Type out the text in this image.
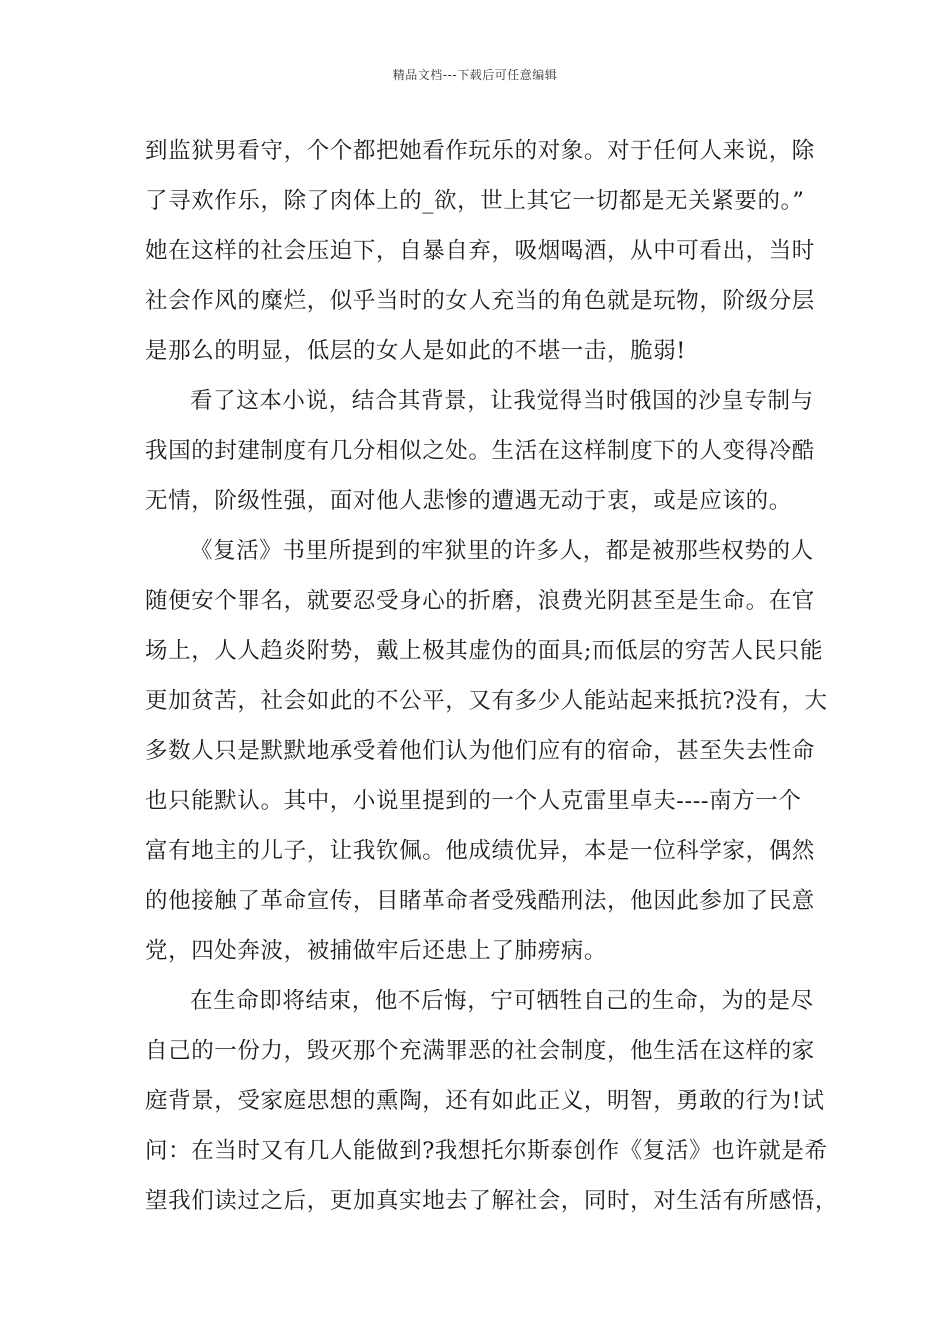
精品文档---下载后可任意编辑
到监狱男看守，个个都把她看作玩乐的对象。对于任何人来说，除
了寻欢作乐，除了肉体上的_欲，世上其它一切都是无关紧要的。”
她在这样的社会压迫下，自暴自弃，吸烟喝酒，从中可看出，当时
社会作风的糜烂，似乎当时的女人充当的角色就是玩物，阶级分层
是那么的明显，低层的女人是如此的不堪一击，脆弱!
看了这本小说，结合其背景，让我觉得当时俄国的沙皇专制与
我国的封建制度有几分相似之处。生活在这样制度下的人变得冷酷
无情，阶级性强，面对他人悲惨的遭遇无动于衷，或是应该的。
《复活》书里所提到的牢狱里的许多人，都是被那些权势的人
随便安个罪名，就要忍受身心的折磨，浪费光阴甚至是生命。在官
场上，人人趋炎附势，戴上极其虚伪的面具;而低层的穷苦人民只能
更加贫苦，社会如此的不公平，又有多少人能站起来抵抗?没有，大
多数人只是默默地承受着他们认为他们应有的宿命，甚至失去性命
也只能默认。其中，小说里提到的一个人克雷里卓夫----南方一个
富有地主的儿子，让我钦佩。他成绩优异，本是一位科学家，偶然
的他接触了革命宣传，目睹革命者受残酷刑法，他因此参加了民意
党，四处奔波，被捕做牢后还患上了肺痨病。
在生命即将结束，他不后悔，宁可牺牲自己的生命，为的是尽
自己的一份力，毁灭那个充满罪恶的社会制度，他生活在这样的家
庭背景，受家庭思想的熏陶，还有如此正义，明智，勇敢的行为!试
问：在当时又有几人能做到?我想托尔斯泰创作《复活》也许就是希
望我们读过之后，更加真实地去了解社会，同时，对生活有所感悟，
